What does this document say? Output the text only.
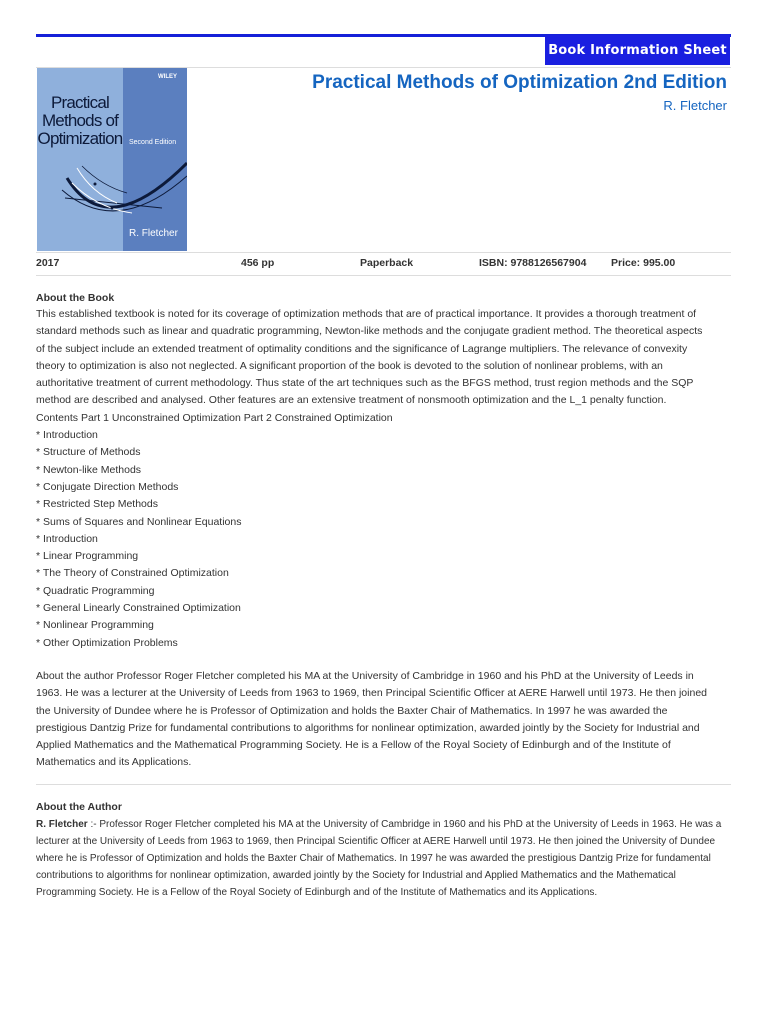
Book Information Sheet
WILEY
Practical
Methods of
Optimization Second Edition
R. Fletcher
Practical Methods of Optimization 2nd Edition
R. Fletcher
2017	456 pp	Paperback	ISBN: 9788126567904 Price: 995.00
About the Book
This established textbook is noted for its coverage of optimization methods that are of practical importance. It provides a thorough treatment of
standard methods such as linear and quadratic programming, Newton-like methods and the conjugate gradient method. The theoretical aspects
of the subject include an extended treatment of optimality conditions and the significance of Lagrange multipliers. The relevance of convexity
theory to optimization is also not neglected. A significant proportion of the book is devoted to the solution of nonlinear problems, with an
authoritative treatment of current methodology. Thus state of the art techniques such as the BFGS method, trust region methods and the SQP
method are described and analysed. Other features are an extensive treatment of nonsmooth optimization and the L_1 penalty function.
Contents Part 1 Unconstrained Optimization Part 2 Constrained Optimization
* Introduction
* Structure of Methods
* Newton-like Methods
* Conjugate Direction Methods
* Restricted Step Methods
* Sums of Squares and Nonlinear Equations
* Introduction
* Linear Programming
* The Theory of Constrained Optimization
* Quadratic Programming
* General Linearly Constrained Optimization
* Nonlinear Programming
* Other Optimization Problems
About the author Professor Roger Fletcher completed his MA at the University of Cambridge in 1960 and his PhD at the University of Leeds in
1963. He was a lecturer at the University of Leeds from 1963 to 1969, then Principal Scientific Officer at AERE Harwell until 1973. He then joined
the University of Dundee where he is Professor of Optimization and holds the Baxter Chair of Mathematics. In 1997 he was awarded the
prestigious Dantzig Prize for fundamental contributions to algorithms for nonlinear optimization, awarded jointly by the Society for Industrial and
Applied Mathematics and the Mathematical Programming Society. He is a Fellow of the Royal Society of Edinburgh and of the Institute of
Mathematics and its Applications.
About the Author
R. Fletcher :- Professor Roger Fletcher completed his MA at the University of Cambridge in 1960 and his PhD at the University of Leeds in 1963. He was a
lecturer at the University of Leeds from 1963 to 1969, then Principal Scientific Officer at AERE Harwell until 1973. He then joined the University of Dundee
where he is Professor of Optimization and holds the Baxter Chair of Mathematics. In 1997 he was awarded the prestigious Dantzig Prize for fundamental
contributions to algorithms for nonlinear optimization, awarded jointly by the Society for Industrial and Applied Mathematics and the Mathematical
Programming Society. He is a Fellow of the Royal Society of Edinburgh and of the Institute of Mathematics and its Applications.
